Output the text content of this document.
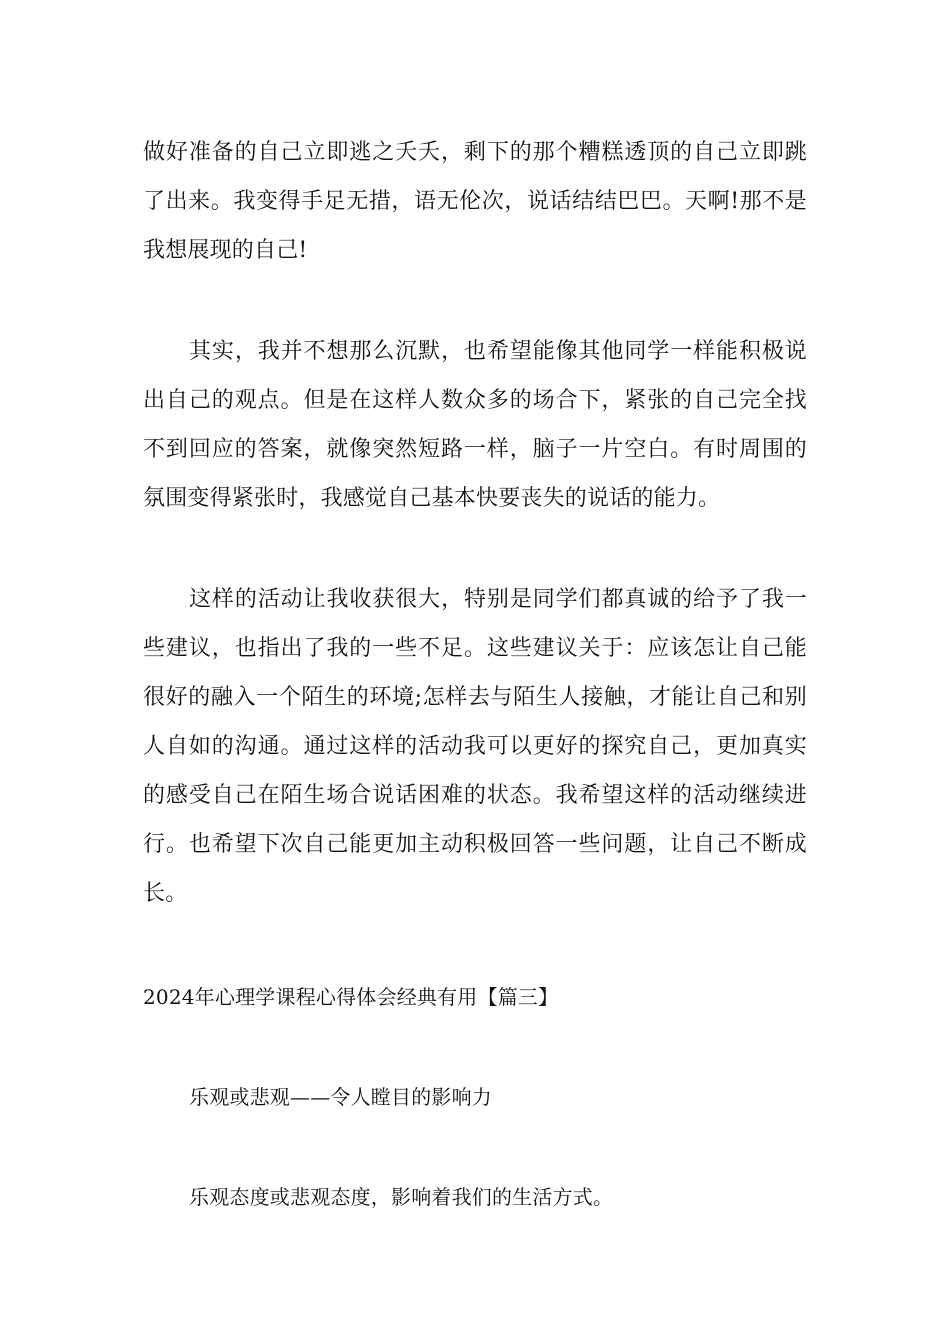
做好准备的自己立即逃之夭夭，剩下的那个糟糕透顶的自己立即跳了出来。我变得手足无措，语无伦次，说话结结巴巴。天啊!那不是我想展现的自己!

其实，我并不想那么沉默，也希望能像其他同学一样能积极说出自己的观点。但是在这样人数众多的场合下，紧张的自己完全找不到回应的答案，就像突然短路一样，脑子一片空白。有时周围的氛围变得紧张时，我感觉自己基本快要丧失的说话的能力。

这样的活动让我收获很大，特别是同学们都真诚的给予了我一些建议，也指出了我的一些不足。这些建议关于：应该怎让自己能很好的融入一个陌生的环境;怎样去与陌生人接触，才能让自己和别人自如的沟通。通过这样的活动我可以更好的探究自己，更加真实的感受自己在陌生场合说话困难的状态。我希望这样的活动继续进行。也希望下次自己能更加主动积极回答一些问题，让自己不断成长。

2024年心理学课程心得体会经典有用【篇三】

乐观或悲观——令人瞠目的影响力

乐观态度或悲观态度，影响着我们的生活方式。
